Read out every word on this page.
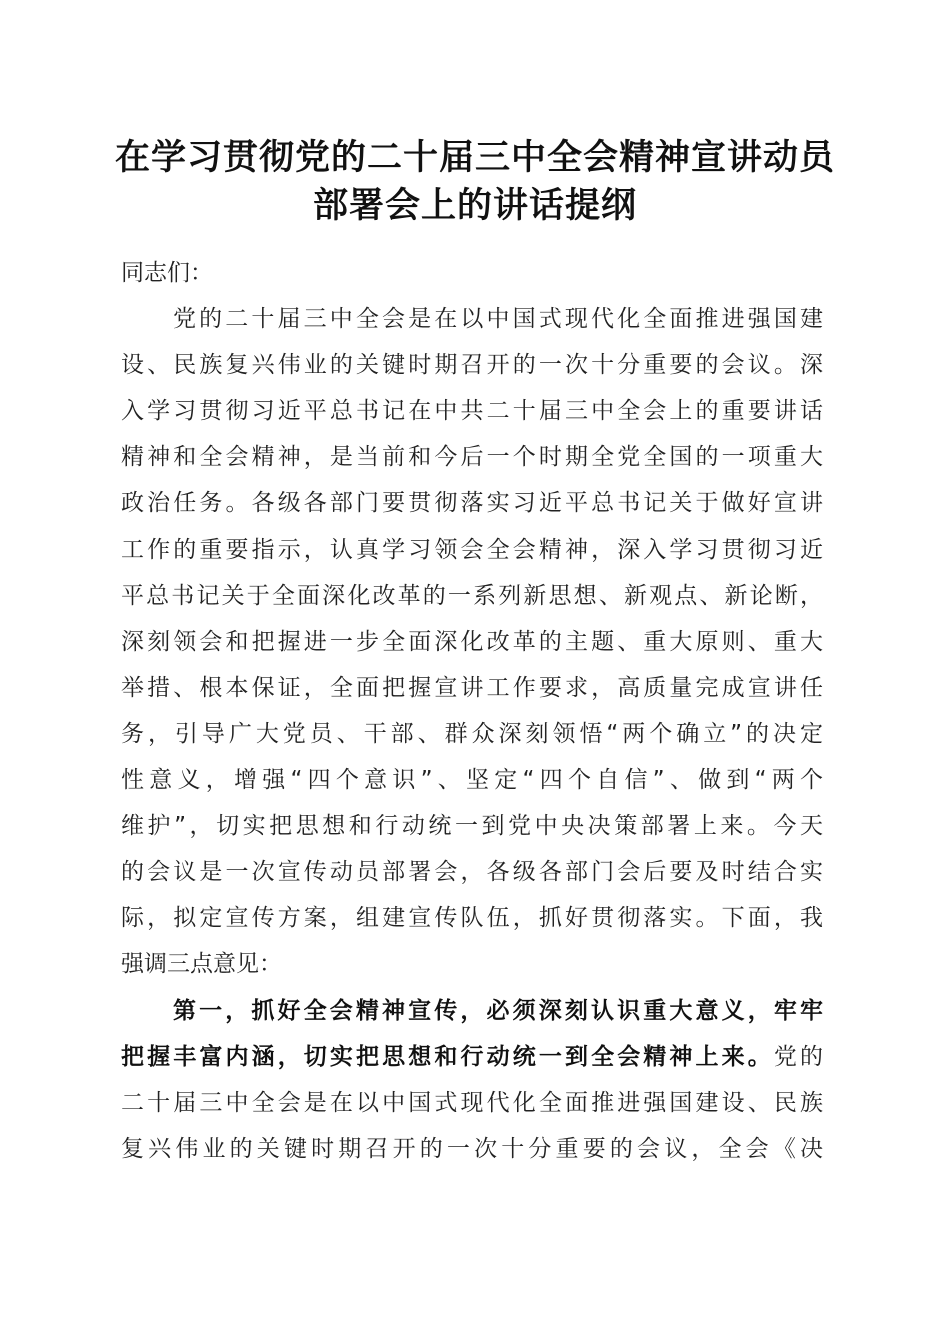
在学习贯彻党的二十届三中全会精神宣讲动员
部署会上的讲话提纲
同志们：
党的二十届三中全会是在以中国式现代化全面推进强国建
设、民族复兴伟业的关键时期召开的一次十分重要的会议。深
入学习贯彻习近平总书记在中共二十届三中全会上的重要讲话
精神和全会精神，是当前和今后一个时期全党全国的一项重大
政治任务。各级各部门要贯彻落实习近平总书记关于做好宣讲
工作的重要指示，认真学习领会全会精神，深入学习贯彻习近
平总书记关于全面深化改革的一系列新思想、新观点、新论断，
深刻领会和把握进一步全面深化改革的主题、重大原则、重大
举措、根本保证，全面把握宣讲工作要求，高质量完成宣讲任
务，引导广大党员、干部、群众深刻领悟“两个确立”的决定
性意义，增强“四个意识”、坚定“四个自信”、做到“两个
维护”，切实把思想和行动统一到党中央决策部署上来。今天
的会议是一次宣传动员部署会，各级各部门会后要及时结合实
际，拟定宣传方案，组建宣传队伍，抓好贯彻落实。下面，我
强调三点意见：
第一，抓好全会精神宣传，必须深刻认识重大意义，牢牢
把握丰富内涵，切实把思想和行动统一到全会精神上来。党的
二十届三中全会是在以中国式现代化全面推进强国建设、民族
复兴伟业的关键时期召开的一次十分重要的会议，全会《决
